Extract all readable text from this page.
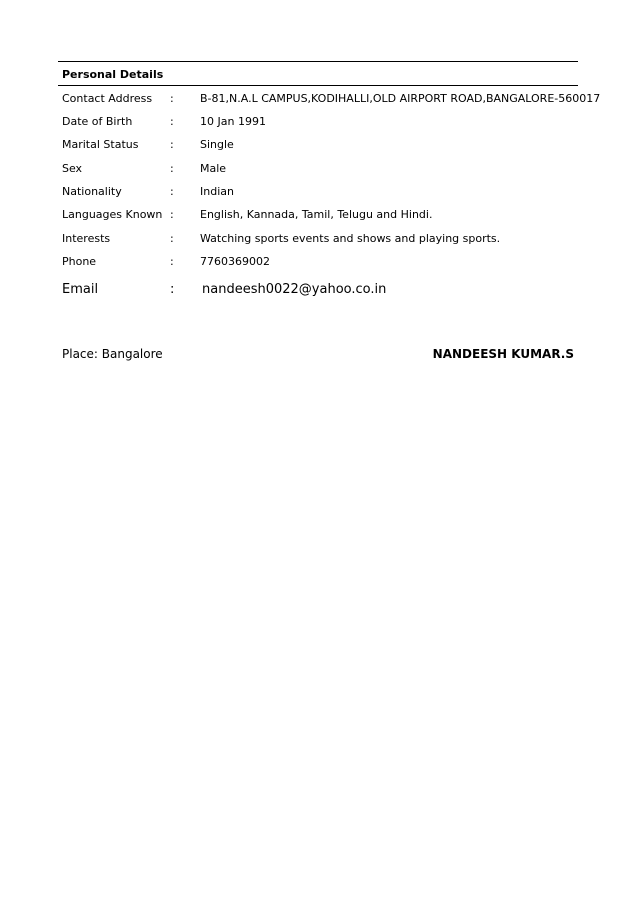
Personal Details
Contact Address : B-81,N.A.L CAMPUS,KODIHALLI,OLD AIRPORT ROAD,BANGALORE-560017
Date of Birth	: 10 Jan 1991
Marital Status	: Single
Sex	: Male
Nationality	: Indian
Languages Known : English, Kannada, Tamil, Telugu and Hindi.
Interests	: Watching sports events and shows and playing sports.
Phone	: 7760369002
Email	: nandeesh0022@yahoo.co.in
Place: Bangalore	NANDEESH KUMAR.S
